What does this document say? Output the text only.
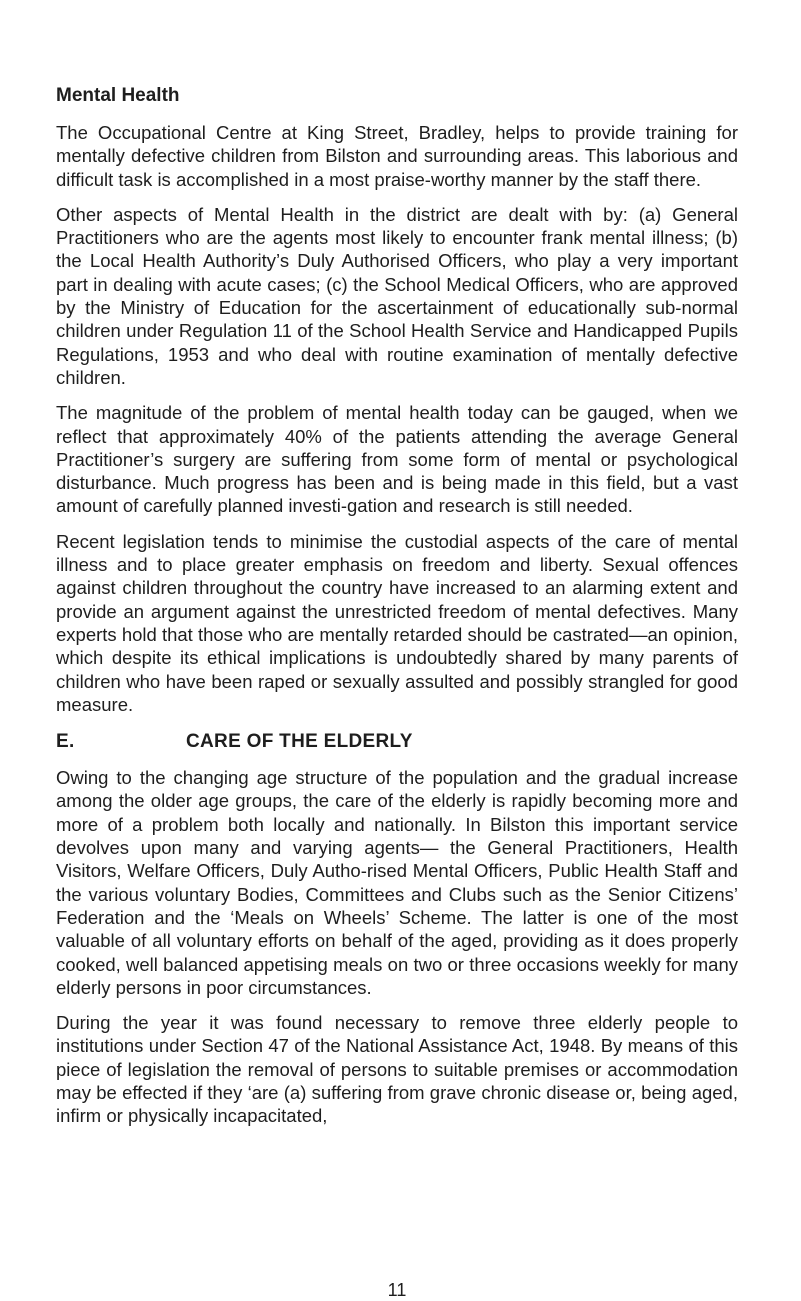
Mental Health

The Occupational Centre at King Street, Bradley, helps to provide training for mentally defective children from Bilston and surrounding areas. This laborious and difficult task is accomplished in a most praise-worthy manner by the staff there.

Other aspects of Mental Health in the district are dealt with by: (a) General Practitioners who are the agents most likely to encounter frank mental illness; (b) the Local Health Authority’s Duly Authorised Officers, who play a very important part in dealing with acute cases; (c) the School Medical Officers, who are approved by the Ministry of Education for the ascertainment of educationally sub-normal children under Regulation 11 of the School Health Service and Handicapped Pupils Regulations, 1953 and who deal with routine examination of mentally defective children.

The magnitude of the problem of mental health today can be gauged, when we reflect that approximately 40% of the patients attending the average General Practitioner’s surgery are suffering from some form of mental or psychological disturbance. Much progress has been and is being made in this field, but a vast amount of carefully planned investi-gation and research is still needed.

Recent legislation tends to minimise the custodial aspects of the care of mental illness and to place greater emphasis on freedom and liberty. Sexual offences against children throughout the country have increased to an alarming extent and provide an argument against the unrestricted freedom of mental defectives. Many experts hold that those who are mentally retarded should be castrated—an opinion, which despite its ethical implications is undoubtedly shared by many parents of children who have been raped or sexually assulted and possibly strangled for good measure.

E.	CARE OF THE ELDERLY

Owing to the changing age structure of the population and the gradual increase among the older age groups, the care of the elderly is rapidly becoming more and more of a problem both locally and nationally. In Bilston this important service devolves upon many and varying agents— the General Practitioners, Health Visitors, Welfare Officers, Duly Autho-rised Mental Officers, Public Health Staff and the various voluntary Bodies, Committees and Clubs such as the Senior Citizens’ Federation and the ‘Meals on Wheels’ Scheme. The latter is one of the most valuable of all voluntary efforts on behalf of the aged, providing as it does properly cooked, well balanced appetising meals on two or three occasions weekly for many elderly persons in poor circumstances.

During the year it was found necessary to remove three elderly people to institutions under Section 47 of the National Assistance Act, 1948. By means of this piece of legislation the removal of persons to suitable premises or accommodation may be effected if they ‘are (a) suffering from grave chronic disease or, being aged, infirm or physically incapacitated,

11
